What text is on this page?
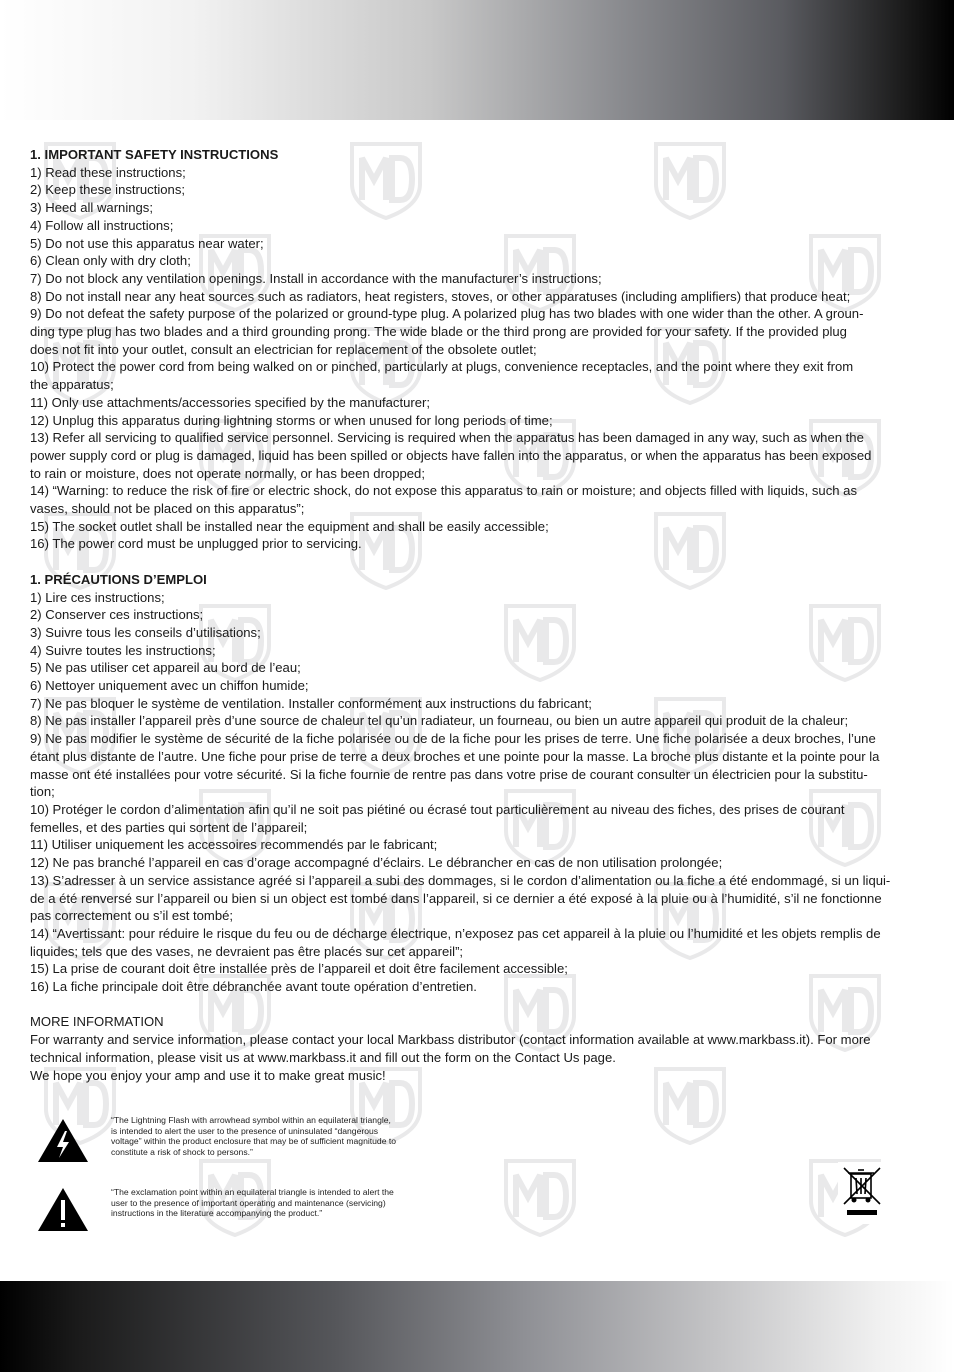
1. IMPORTANT SAFETY INSTRUCTIONS
1) Read these instructions;
2) Keep these instructions;
3) Heed all warnings;
4) Follow all instructions;
5) Do not use this apparatus near water;
6) Clean only with dry cloth;
7) Do not block any ventilation openings. Install in accordance with the manufacturer’s instructions;
8) Do not install near any heat sources such as radiators, heat registers, stoves, or other apparatuses (including amplifiers) that produce heat;
9) Do not defeat the safety purpose of the polarized or ground-type plug. A polarized plug has two blades with one wider than the other. A groun-
ding type plug has two blades and a third grounding prong. The wide blade or the third prong are provided for your safety. If the provided plug
does not fit into your outlet, consult an electrician for replacement of the obsolete outlet;
10) Protect the power cord from being walked on or pinched, particularly at plugs, convenience receptacles, and the point where they exit from
the apparatus;
11) Only use attachments/accessories specified by the manufacturer;
12) Unplug this apparatus during lightning storms or when unused for long periods of time;
13) Refer all servicing to qualified service personnel. Servicing is required when the apparatus has been damaged in any way, such as when the
power supply cord or plug is damaged, liquid has been spilled or objects have fallen into the apparatus, or when the apparatus has been exposed
to rain or moisture, does not operate normally, or has been dropped;
14) “Warning: to reduce the risk of fire or electric shock, do not expose this apparatus to rain or moisture; and objects filled with liquids, such as
vases, should not be placed on this apparatus”;
15) The socket outlet shall be installed near the equipment and shall be easily accessible;
16) The power cord must be unplugged prior to servicing.
1. PRÉCAUTIONS D’EMPLOI
1) Lire ces instructions;
2) Conserver ces instructions;
3) Suivre tous les conseils d’utilisations;
4) Suivre toutes les instructions;
5) Ne pas utiliser cet appareil au bord de l’eau;
6) Nettoyer uniquement avec un chiffon humide;
7) Ne pas bloquer le système de ventilation. Installer conformément aux instructions du fabricant;
8) Ne pas installer l’appareil près d’une source de chaleur tel qu’un radiateur, un fourneau, ou bien un autre appareil qui produit de la chaleur;
9) Ne pas modifier le système de sécurité de la fiche polarisée ou de de la fiche pour les prises de terre. Une fiche polarisée a deux broches, l’une
étant plus distante de l’autre. Une fiche pour prise de terre a deux broches et une pointe pour la masse. La broche plus distante et la pointe pour la
masse ont été installées pour votre sécurité. Si la fiche fournie de rentre pas dans votre prise de courant consulter un électricien pour la substitu-
tion;
10) Protéger le cordon d’alimentation afin qu’il ne soit pas piétiné ou écrasé tout particulièrement au niveau des fiches, des prises de courant
femelles, et des parties qui sortent de l’appareil;
11) Utiliser uniquement les accessoires recommendés par le fabricant;
12) Ne pas branché l’appareil en cas d’orage accompagné d’éclairs. Le débrancher en cas de non utilisation prolongée;
13) S’adresser à un service assistance agréé si l’appareil a subi des dommages, si le cordon d’alimentation ou la fiche a été endommagé, si un liqui-
de a été renversé sur l’appareil ou bien si un object est tombé dans l’appareil, si ce dernier a été exposé à la pluie ou à l’humidité, s’il ne fonctionne
pas correctement ou s’il est tombé;
14) “Avertissant: pour réduire le risque du feu ou de décharge électrique, n’exposez pas cet appareil à la pluie ou l’humidité et les objets remplis de
liquides; tels que des vases, ne devraient pas être placés sur cet appareil”;
15) La prise de courant doit être installée près de l’appareil et doit être facilement accessible;
16) La fiche principale doit être débranchée avant toute opération d’entretien.
MORE INFORMATION
For warranty and service information, please contact your local Markbass distributor (contact information available at www.markbass.it). For more
technical information, please visit us at www.markbass.it and fill out the form on the Contact Us page.
We hope you enjoy your amp and use it to make great music!
“The Lightning Flash with arrowhead symbol within an equilateral triangle,
is intended to alert the user to the presence of uninsulated “dangerous
voltage” within the product enclosure that may be of sufficient magnitude to
constitute a risk of shock to persons.”
“The exclamation point within an equilateral triangle is intended to alert the
user to the presence of important operating and maintenance (servicing)
instructions in the literature accompanying the product.”
